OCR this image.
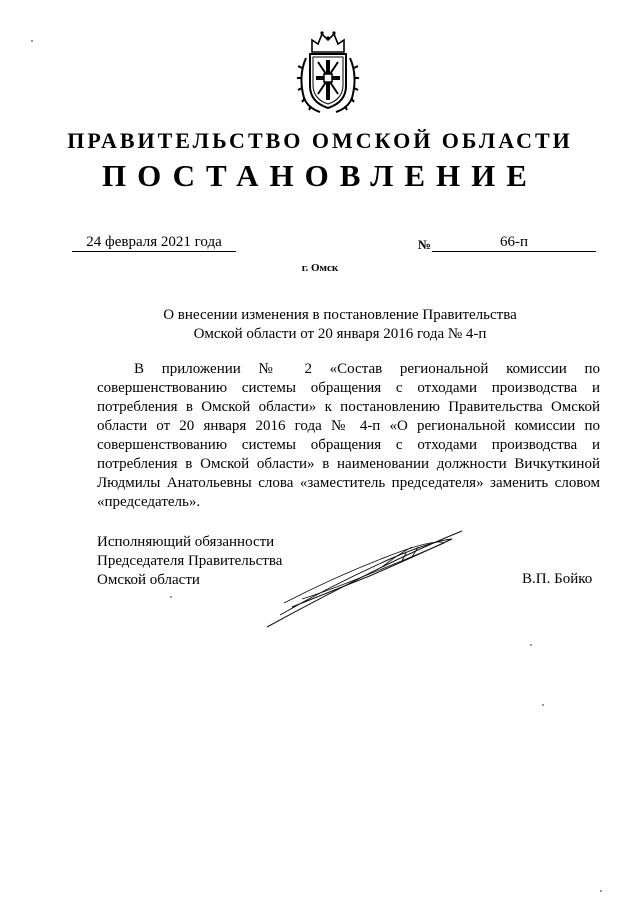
ПРАВИТЕЛЬСТВО ОМСКОЙ ОБЛАСТИ
ПОСТАНОВЛЕНИЕ
24 февраля 2021 года	№	66-п
г. Омск
О внесении изменения в постановление Правительства
Омской области от 20 января 2016 года № 4-п
В приложении № 2 «Состав региональной комиссии по совершенствованию системы обращения с отходами производства и потребления в Омской области» к постановлению Правительства Омской области от 20 января 2016 года № 4-п «О региональной комиссии по совершенствованию системы обращения с отходами производства и потребления в Омской области» в наименовании должности Вичкуткиной Людмилы Анатольевны слова «заместитель председателя» заменить словом «председатель».
Исполняющий обязанности
Председателя Правительства
Омской области	В.П. Бойко
